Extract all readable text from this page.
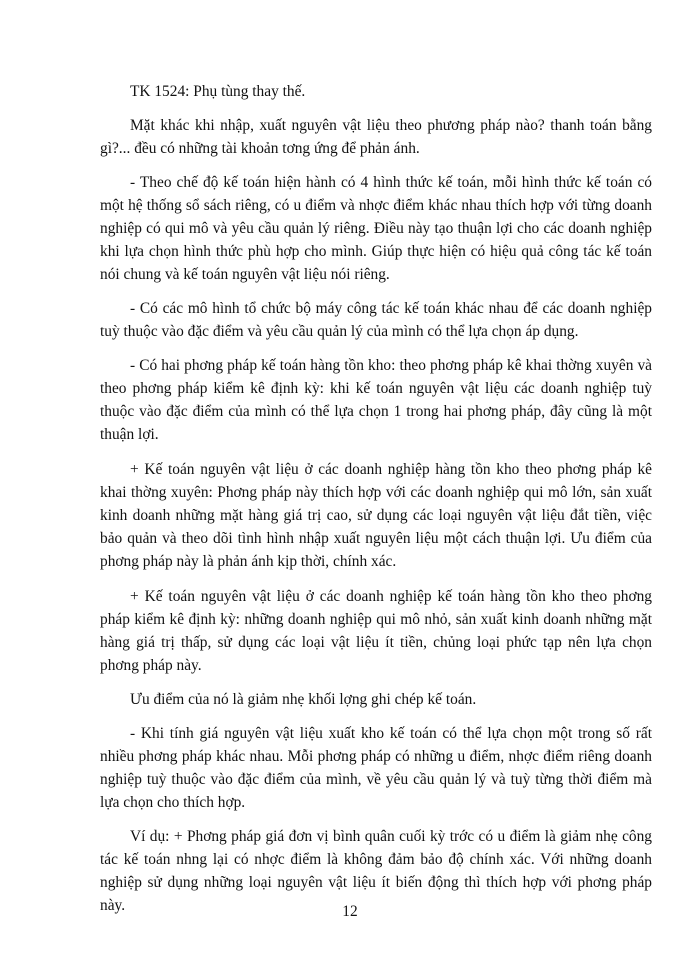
TK 1524: Phụ tùng thay thế.

Mặt khác khi nhập, xuất nguyên vật liệu theo phương pháp nào? thanh toán bằng gì?... đều có những tài khoản tơng ứng để phản ánh.

- Theo chế độ kế toán hiện hành có 4 hình thức kế toán, mỗi hình thức kế toán có một hệ thống sổ sách riêng, có u điểm và nhợc điểm khác nhau thích hợp với từng doanh nghiệp có qui mô và yêu cầu quản lý riêng. Điều này tạo thuận lợi cho các doanh nghiệp khi lựa chọn hình thức phù hợp cho mình. Giúp thực hiện có hiệu quả công tác kế toán nói chung và kế toán nguyên vật liệu nói riêng.

- Có các mô hình tổ chức bộ máy công tác kế toán khác nhau để các doanh nghiệp tuỳ thuộc vào đặc điểm và yêu cầu quản lý của mình có thể lựa chọn áp dụng.

- Có hai phơng pháp kế toán hàng tồn kho: theo phơng pháp kê khai thờng xuyên và theo phơng pháp kiểm kê định kỳ: khi kế toán nguyên vật liệu các doanh nghiệp tuỳ thuộc vào đặc điểm của mình có thể lựa chọn 1 trong hai phơng pháp, đây cũng là một thuận lợi.

+ Kế toán nguyên vật liệu ở các doanh nghiệp hàng tồn kho theo phơng pháp kê khai thờng xuyên: Phơng pháp này thích hợp với các doanh nghiệp qui mô lớn, sản xuất kinh doanh những mặt hàng giá trị cao, sử dụng các loại nguyên vật liệu đắt tiền, việc bảo quản và theo dõi tình hình nhập xuất nguyên liệu một cách thuận lợi. Ưu điểm của phơng pháp này là phản ánh kịp thời, chính xác.

+ Kế toán nguyên vật liệu ở các doanh nghiệp kế toán hàng tồn kho theo phơng pháp kiểm kê định kỳ: những doanh nghiệp qui mô nhỏ, sản xuất kinh doanh những mặt hàng giá trị thấp, sử dụng các loại vật liệu ít tiền, chủng loại phức tạp nên lựa chọn phơng pháp này.

Ưu điểm của nó là giảm nhẹ khối lợng ghi chép kế toán.

- Khi tính giá nguyên vật liệu xuất kho kế toán có thể lựa chọn một trong số rất nhiều phơng pháp khác nhau. Mỗi phơng pháp có những u điểm, nhợc điểm riêng doanh nghiệp tuỳ thuộc vào đặc điểm của mình, về yêu cầu quản lý và tuỳ từng thời điểm mà lựa chọn cho thích hợp.

Ví dụ: + Phơng pháp giá đơn vị bình quân cuối kỳ trớc có u điểm là giảm nhẹ công tác kế toán nhng lại có nhợc điểm là không đảm bảo độ chính xác. Với những doanh nghiệp sử dụng những loại nguyên vật liệu ít biến động thì thích hợp với phơng pháp này.	12
